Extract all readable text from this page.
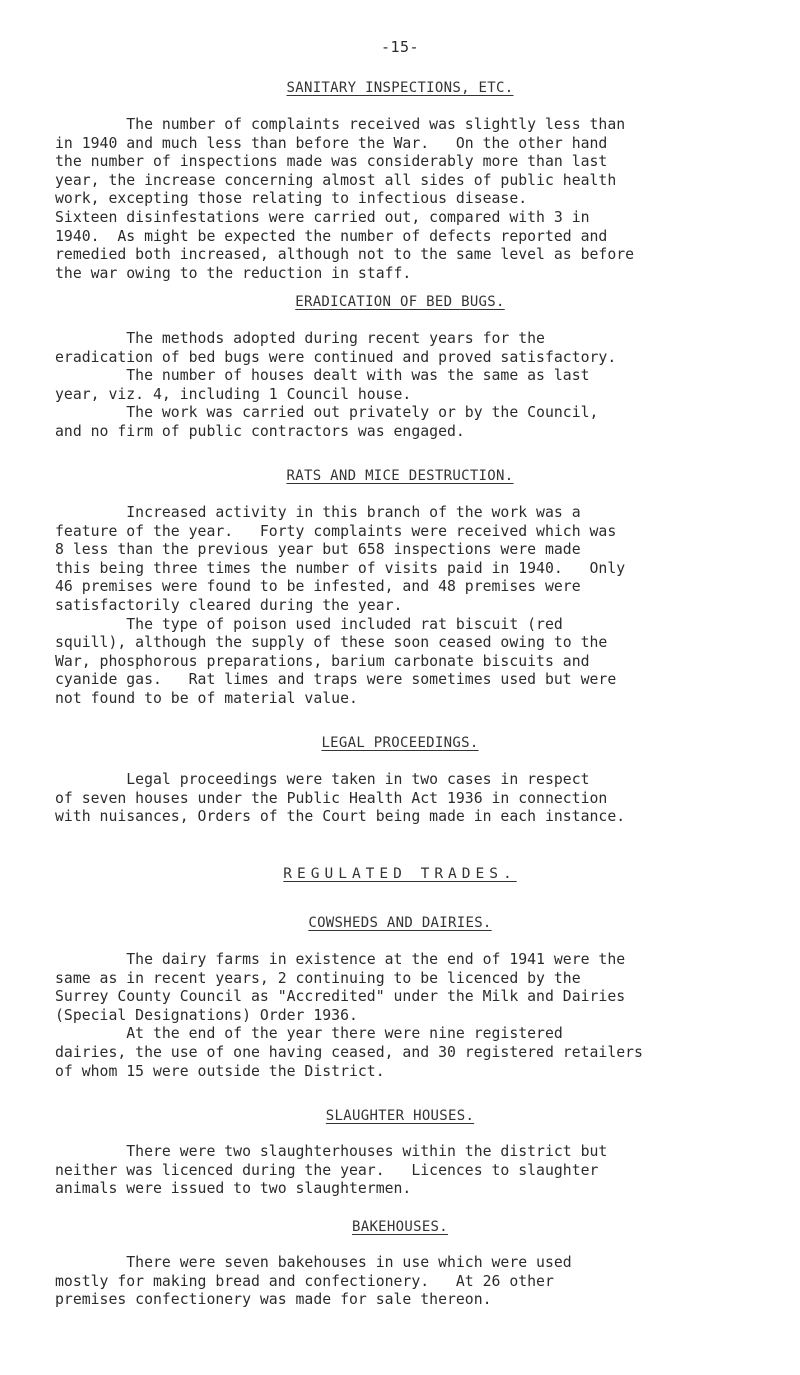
-15-
SANITARY INSPECTIONS, ETC.
The number of complaints received was slightly less than
in 1940 and much less than before the War.   On the other hand
the number of inspections made was considerably more than last
year, the increase concerning almost all sides of public health
work, excepting those relating to infectious disease.
Sixteen disinfestations were carried out, compared with 3 in
1940.  As might be expected the number of defects reported and
remedied both increased, although not to the same level as before
the war owing to the reduction in staff.
ERADICATION OF BED BUGS.
The methods adopted during recent years for the
eradication of bed bugs were continued and proved satisfactory.
The number of houses dealt with was the same as last
year, viz. 4, including 1 Council house.
The work was carried out privately or by the Council,
and no firm of public contractors was engaged.
RATS AND MICE DESTRUCTION.
Increased activity in this branch of the work was a
feature of the year.   Forty complaints were received which was
8 less than the previous year but 658 inspections were made
this being three times the number of visits paid in 1940.   Only
46 premises were found to be infested, and 48 premises were
satisfactorily cleared during the year.
The type of poison used included rat biscuit (red
squill), although the supply of these soon ceased owing to the
War, phosphorous preparations, barium carbonate biscuits and
cyanide gas.   Rat limes and traps were sometimes used but were
not found to be of material value.
LEGAL PROCEEDINGS.
Legal proceedings were taken in two cases in respect
of seven houses under the Public Health Act 1936 in connection
with nuisances, Orders of the Court being made in each instance.
REGULATED TRADES.
COWSHEDS AND DAIRIES.
The dairy farms in existence at the end of 1941 were the
same as in recent years, 2 continuing to be licenced by the
Surrey County Council as "Accredited" under the Milk and Dairies
(Special Designations) Order 1936.
At the end of the year there were nine registered
dairies, the use of one having ceased, and 30 registered retailers
of whom 15 were outside the District.
SLAUGHTER HOUSES.
There were two slaughterhouses within the district but
neither was licenced during the year.   Licences to slaughter
animals were issued to two slaughtermen.
BAKEHOUSES.
There were seven bakehouses in use which were used
mostly for making bread and confectionery.   At 26 other
premises confectionery was made for sale thereon.
